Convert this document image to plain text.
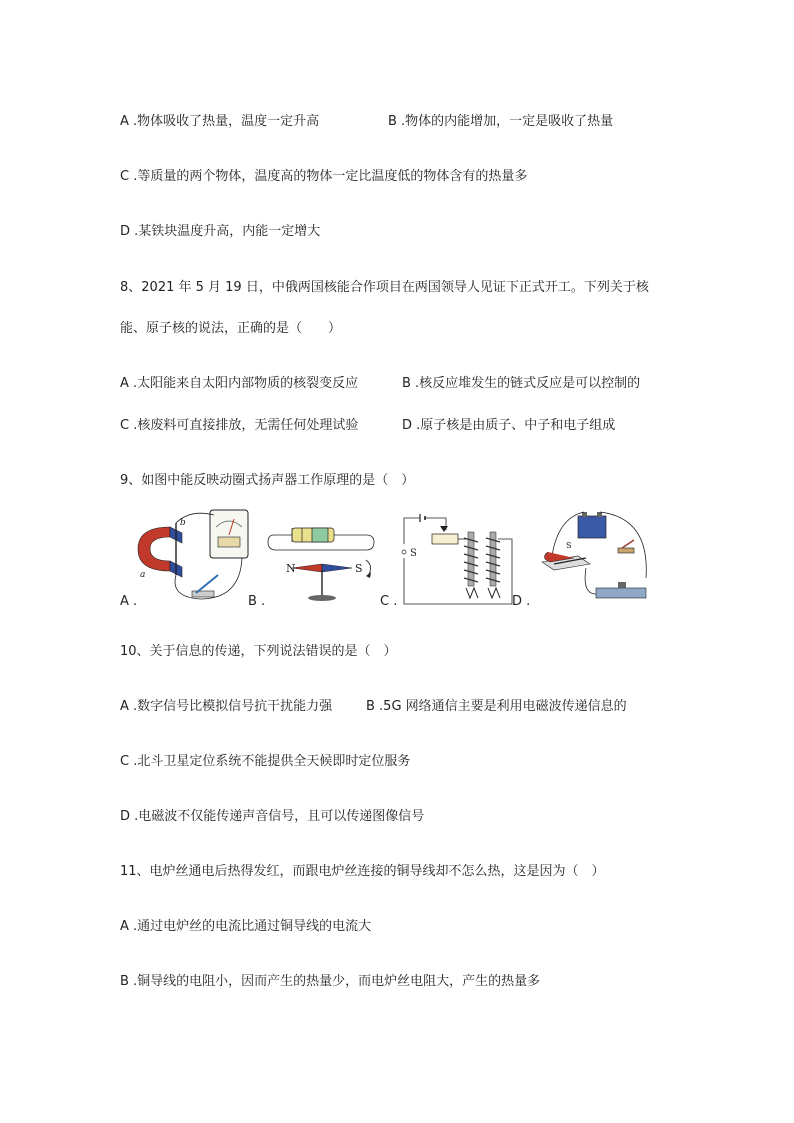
A .物体吸收了热量，温度一定升高	B .物体的内能增加，一定是吸收了热量
C .等质量的两个物体，温度高的物体一定比温度低的物体含有的热量多
D .某铁块温度升高，内能一定增大
8、2021 年 5 月 19 日，中俄两国核能合作项目在两国领导人见证下正式开工。下列关于核
能、原子核的说法，正确的是（　　）
A .太阳能来自太阳内部物质的核裂变反应	B .核反应堆发生的链式反应是可以控制的
C .核废料可直接排放，无需任何处理试验	D .原子核是由质子、中子和电子组成
9、如图中能反映动圈式扬声器工作原理的是（　）
b
a
A .
N	S
B .
S
C .
S
D .
10、关于信息的传递，下列说法错误的是（　）
A .数字信号比模拟信号抗干扰能力强	B .5G 网络通信主要是利用电磁波传递信息的
C .北斗卫星定位系统不能提供全天候即时定位服务
D .电磁波不仅能传递声音信号，且可以传递图像信号
11、电炉丝通电后热得发红，而跟电炉丝连接的铜导线却不怎么热，这是因为（　）
A .通过电炉丝的电流比通过铜导线的电流大
B .铜导线的电阻小，因而产生的热量少，而电炉丝电阻大，产生的热量多
